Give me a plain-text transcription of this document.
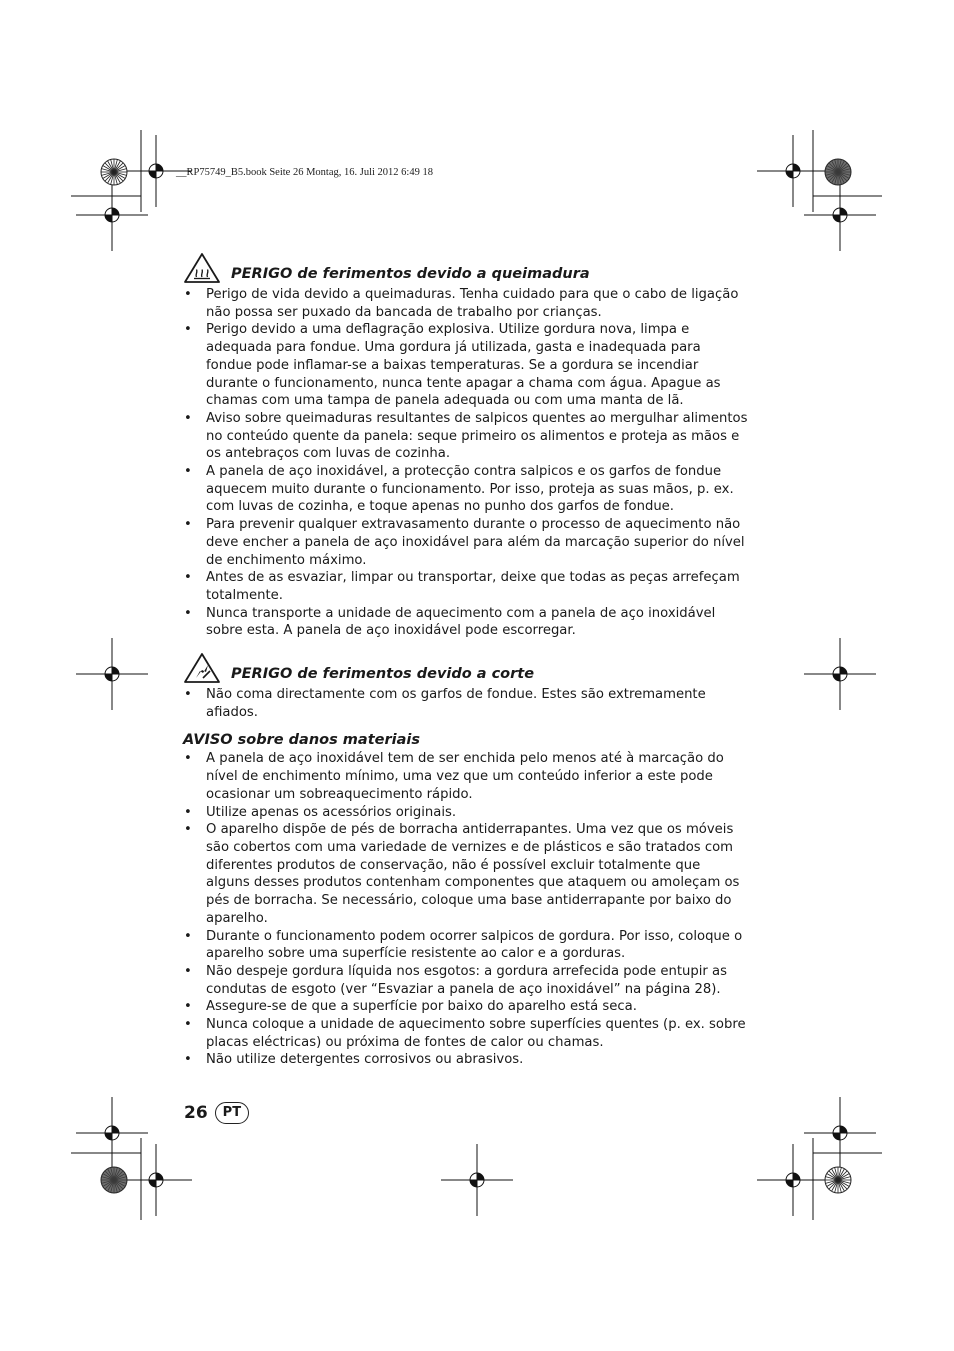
__RP75749_B5.book Seite 26 Montag, 16. Juli 2012 6:49 18
PERIGO de ferimentos devido a queimadura
• Perigo de vida devido a queimaduras. Tenha cuidado para que o cabo de ligação não possa ser puxado da bancada de trabalho por crianças.
• Perigo devido a uma deflagração explosiva. Utilize gordura nova, limpa e adequada para fondue. Uma gordura já utilizada, gasta e inadequada para fondue pode inflamar-se a baixas temperaturas. Se a gordura se incendiar durante o funcionamento, nunca tente apagar a chama com água. Apague as chamas com uma tampa de panela adequada ou com uma manta de lã.
• Aviso sobre queimaduras resultantes de salpicos quentes ao mergulhar alimentos no conteúdo quente da panela: seque primeiro os alimentos e proteja as mãos e os antebraços com luvas de cozinha.
• A panela de aço inoxidável, a protecção contra salpicos e os garfos de fondue aquecem muito durante o funcionamento. Por isso, proteja as suas mãos, p. ex. com luvas de cozinha, e toque apenas no punho dos garfos de fondue.
• Para prevenir qualquer extravasamento durante o processo de aquecimento não deve encher a panela de aço inoxidável para além da marcação superior do nível de enchimento máximo.
• Antes de as esvaziar, limpar ou transportar, deixe que todas as peças arrefeçam totalmente.
• Nunca transporte a unidade de aquecimento com a panela de aço inoxidável sobre esta. A panela de aço inoxidável pode escorregar.
PERIGO de ferimentos devido a corte
• Não coma directamente com os garfos de fondue. Estes são extremamente afiados.
AVISO sobre danos materiais
• A panela de aço inoxidável tem de ser enchida pelo menos até à marcação do nível de enchimento mínimo, uma vez que um conteúdo inferior a este pode ocasionar um sobreaquecimento rápido.
• Utilize apenas os acessórios originais.
• O aparelho dispõe de pés de borracha antiderrapantes. Uma vez que os móveis são cobertos com uma variedade de vernizes e de plásticos e são tratados com diferentes produtos de conservação, não é possível excluir totalmente que alguns desses produtos contenham componentes que ataquem ou amoleçam os pés de borracha. Se necessário, coloque uma base antiderrapante por baixo do aparelho.
• Durante o funcionamento podem ocorrer salpicos de gordura. Por isso, coloque o aparelho sobre uma superfície resistente ao calor e a gorduras.
• Não despeje gordura líquida nos esgotos: a gordura arrefecida pode entupir as condutas de esgoto (ver “Esvaziar a panela de aço inoxidável” na página 28).
• Assegure-se de que a superfície por baixo do aparelho está seca.
• Nunca coloque a unidade de aquecimento sobre superfícies quentes (p. ex. sobre placas eléctricas) ou próxima de fontes de calor ou chamas.
• Não utilize detergentes corrosivos ou abrasivos.
26	PT
